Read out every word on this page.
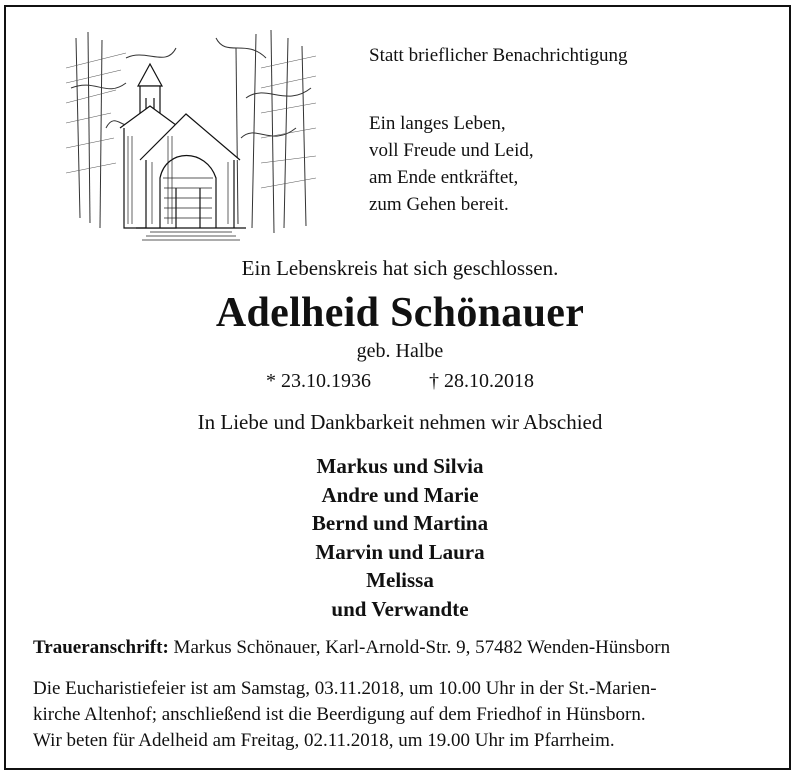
Statt brieflicher Benachrichtigung
Ein langes Leben,
voll Freude und Leid,
am Ende entkräftet,
zum Gehen bereit.
Ein Lebenskreis hat sich geschlossen.
Adelheid Schönauer
geb. Halbe
* 23.10.1936	† 28.10.2018
In Liebe und Dankbarkeit nehmen wir Abschied
Markus und Silvia
Andre und Marie
Bernd und Martina
Marvin und Laura
Melissa
und Verwandte
Traueranschrift: Markus Schönauer, Karl-Arnold-Str. 9, 57482 Wenden-Hünsborn
Die Eucharistiefeier ist am Samstag, 03.11.2018, um 10.00 Uhr in der St.-Marien-
kirche Altenhof; anschließend ist die Beerdigung auf dem Friedhof in Hünsborn.
Wir beten für Adelheid am Freitag, 02.11.2018, um 19.00 Uhr im Pfarrheim.
